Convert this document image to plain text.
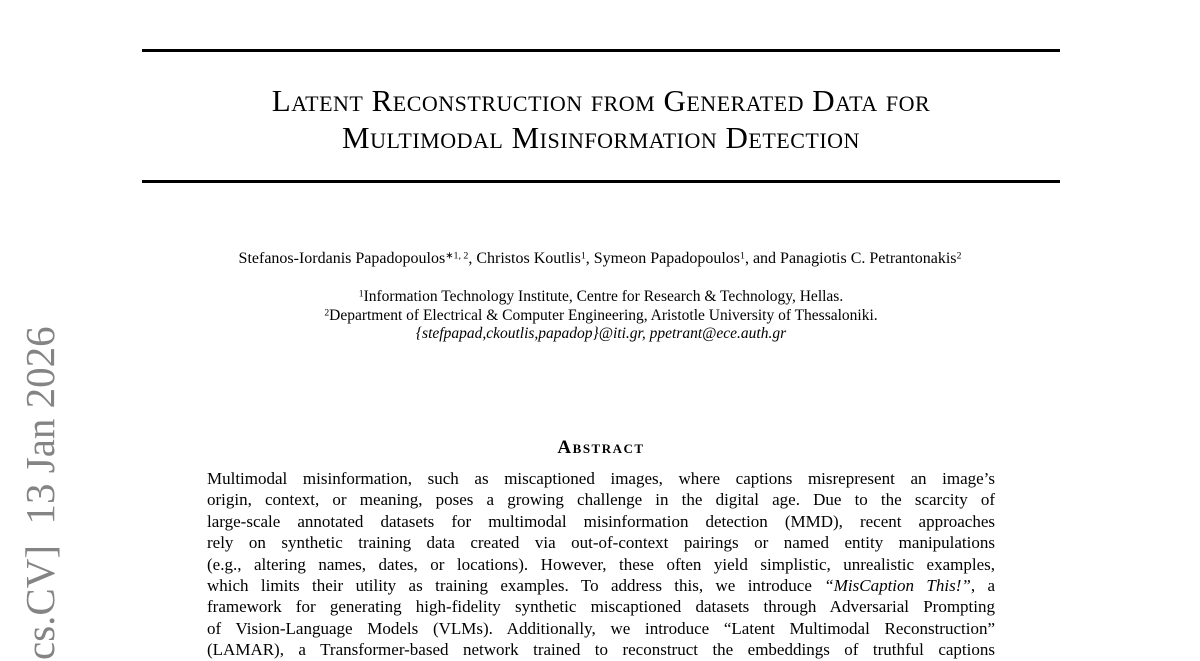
cs.CV]  13 Jan 2026
Latent Reconstruction from Generated Data for
Multimodal Misinformation Detection
Stefanos-Iordanis Papadopoulos$^{∗1, 2}$, Christos Koutlis$^1$, Symeon Papadopoulos$^1$, and Panagiotis C. Petrantonakis$^2$
$^1$Information Technology Institute, Centre for Research & Technology, Hellas.
$^2$Department of Electrical & Computer Engineering, Aristotle University of Thessaloniki.
{stefpapad,ckoutlis,papadop}@iti.gr, ppetrant@ece.auth.gr
Abstract
Multimodal misinformation, such as miscaptioned images, where captions misrepresent an image’s
origin, context, or meaning, poses a growing challenge in the digital age. Due to the scarcity of
large-scale annotated datasets for multimodal misinformation detection (MMD), recent approaches
rely on synthetic training data created via out-of-context pairings or named entity manipulations
(e.g., altering names, dates, or locations). However, these often yield simplistic, unrealistic examples,
which limits their utility as training examples. To address this, we introduce “MisCaption This!”, a
framework for generating high-fidelity synthetic miscaptioned datasets through Adversarial Prompting
of Vision-Language Models (VLMs). Additionally, we introduce “Latent Multimodal Reconstruction”
(LAMAR), a Transformer-based network trained to reconstruct the embeddings of truthful captions
